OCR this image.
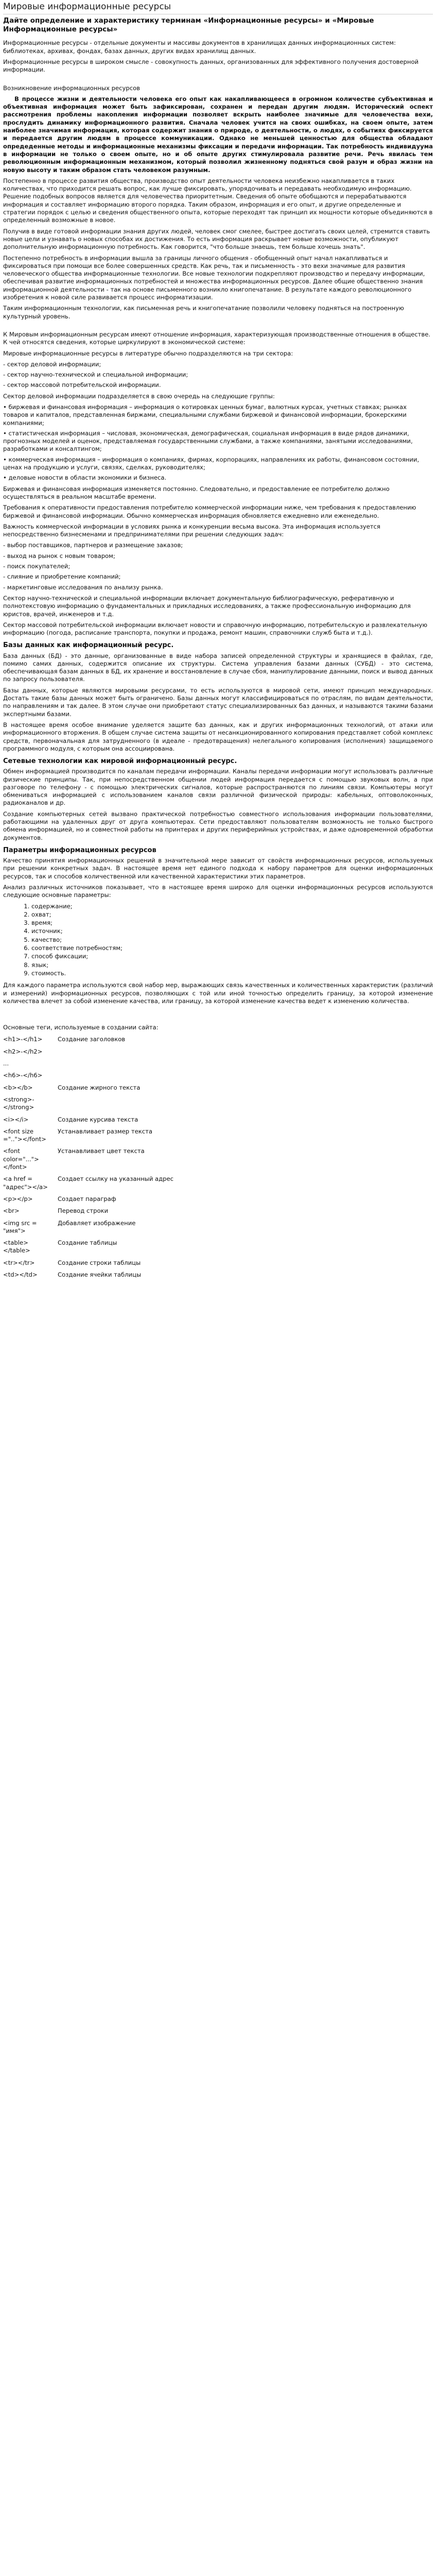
Мировые информационные ресурсы
Дайте определение и характеристику терминам «Информационные ресурсы» и «Мировые Информационные ресурсы»

Информационные ресурсы - отдельные документы и массивы документов в хранилищах данных информационных систем: библиотеках, архивах, фондах, базах данных, других видах хранилищ данных.

Информационные ресурсы в широком смысле - совокупность данных, организованных для эффективного получения достоверной информации.

Возникновение информационных ресурсов

В процессе жизни и деятельности человека его опыт как накапливающееся в огромном количестве субъективная и объективная информация может быть зафиксирован, сохранен и передан другим людям. Исторический оспект рассмотрения проблемы накопления информации позволяет вскрыть наиболее значимые для человечества вехи, прослудить динамику информационного развития. Сначала человек учится на своих ошибках, на своем опыте, затем наиболее значимая информация, которая содержит знания о природе, о деятельности, о людях, о событиях фиксируется и передается другим людям в процессе коммуникации. Однако не меньшей ценностью для общества обладают опредеденные методы и информационные механизмы фиксации и передачи информации. Так потребность индивидуума в информации не только о своем опыте, но и об опыте других стимулировала развитие речи. Речь явилась тем революционным информационным механизмом, который позволил жизненному подняться свой разум и образ жизни на новую высоту и таким образом стать человеком разумным.

Постепенно в процессе развития общества, производство опыт деятельности человека неизбежно накапливается в таких количествах, что приходится решать вопрос, как лучше фиксировать, упорядочивать и передавать необходимую информацию. Решение подобных вопросов является для человечества приоритетным. Сведения об опыте обобщаются и перерабатываются информация и составляет информацию второго порядка. Таким образом, информация и его опыт, и другие определенные и стратегии порядок с целью и сведения общественного опыта, которые переходят так принцип их мощности которые объединяются в определенный возможные в новое.

Получив в виде готовой информации знания других людей, человек смог смелее, быстрее достигать своих целей, стремится ставить новые цели и узнавать о новых способах их достижения. То есть информация раскрывает новые возможности, опубликуют дополнительную информационную потребность. Как говорится, "что больше знаешь, тем больше хочешь знать".

Постепенно потребность в информации вышла за границы личного общения - обобщенный опыт начал накапливаться и фиксироваться при помощи все более совершенных средств. Как речь, так и письменность - это вехи значимые для развития человеческого общества информационные технологии. Все новые технологии подкрепляют производство и передачу информации, обеспечивая развитие информационных потребностей и множества информационных ресурсов. Далее общие общественно знания информационной деятельности - так на основе письменного возникло книгопечатание. В результате каждого революционного изобретения к новой силе развивается процесс информатизации.

Таким информационным технологии, как письменная речь и книгопечатание позволили человеку подняться на построенную культурный уровень.

К Мировым информационным ресурсам имеют отношение информация, характеризующая производственные отношения в обществе. К чей относятся сведения, которые циркулируют в экономической системе:

Мировые информационные ресурсы в литературе обычно подразделяются на три сектора:

- сектор деловой информации;
- сектор научно-технической и специальной информации;
- сектор массовой потребительской информации.

Сектор деловой информации подразделяется в свою очередь на следующие группы:

• биржевая и финансовая информация – информация о котировках ценных бумаг, валютных курсах, учетных ставках; рынках товаров и капиталов, представленная биржами, специальными службами биржевой и финансовой информации, брокерскими компаниями;
• статистическая информация – числовая, экономическая, демографическая, социальная информация в виде рядов динамики, прогнозных моделей и оценок, представляемая государственными службами, а также компаниями, занятыми исследованиями, разработками и консалтингом;
• коммерческая информация – информация о компаниях, фирмах, корпорациях, направлениях их работы, финансовом состоянии, ценах на продукцию и услуги, связях, сделках, руководителях;
• деловые новости в области экономики и бизнеса.

Биржевая и финансовая информация изменяется постоянно. Следовательно, и предоставление ее потребителю должно осуществляться в реальном масштабе времени.

Требования к оперативности предоставления потребителю коммерческой информации ниже, чем требования к предоставлению биржевой и финансовой информации. Обычно коммерческая информация обновляется ежедневно или еженедельно.

Важность коммерческой информации в условиях рынка и конкуренции весьма высока. Эта информация используется непосредственно бизнесменами и предпринимателями при решении следующих задач:

- выбор поставщиков, партнеров и размещение заказов;
- выход на рынок с новым товаром;
- поиск покупателей;
- слияние и приобретение компаний;
- маркетинговые исследования по анализу рынка.

Сектор научно-технической и специальной информации включает документальную библиографическую, реферативную и полнотекстовую информацию о фундаментальных и прикладных исследованиях, а также профессиональную информацию для юристов, врачей, инженеров и т.д.

Сектор массовой потребительской информации включает новости и справочную информацию, потребительскую и развлекательную информацию (погода, расписание транспорта, покупки и продажа, ремонт машин, справочники служб быта и т.д.).

Базы данных как информационный ресурс.

База данных (БД) - это данные, организованные в виде набора записей определенной структуры и хранящиеся в файлах, где, помимо самих данных, содержится описание их структуры. Система управления базами данных (СУБД) - это система, обеспечивающая базам данных в БД, их хранение и восстановление в случае сбоя, манипулирование данными, поиск и вывод данных по запросу пользователя.

Базы данных, которые являются мировыми ресурсами, то есть используются в мировой сети, имеют принцип международных. Достать такие базы данных может быть ограничено. Базы данных могут классифицироваться по отраслям, по видам деятельности, по направлениям и так далее. В этом случае они приобретают статус специализированных баз данных, и называются такими базами экспертными базами.

В настоящее время особое внимание уделяется защите баз данных, как и других информационных технологий, от атаки или информационного вторжения. В общем случае система защиты от несанкционированного копирования представляет собой комплекс средств, первоначальная для затрудненного (в идеале - предотвращения) нелегального копирования (исполнения) защищаемого программного модуля, с которым она ассоциирована.

Сетевые технологии как мировой информационный ресурс.

Обмен информацией производится по каналам передачи информации. Каналы передачи информации могут использовать различные физические принципы. Так, при непосредственном общении людей информация передается с помощью звуковых волн, а при разговоре по телефону - с помощью электрических сигналов, которые распространяются по линиям связи. Компьютеры могут обмениваться информацией с использованием каналов связи различной физической природы: кабельных, оптоволоконных, радиоканалов и др.

Создание компьютерных сетей вызвано практической потребностью совместного использования информации пользователями, работающими на удаленных друг от друга компьютерах. Сети предоставляют пользователям возможность не только быстрого обмена информацией, но и совместной работы на принтерах и других периферийных устройствах, и даже одновременной обработки документов.

Параметры информационных ресурсов

Качество принятия информационных решений в значительной мере зависит от свойств информационных ресурсов, используемых при решении конкретных задач. В настоящее время нет единого подхода к набору параметров для оценки информационных ресурсов, так и способов количественной или качественной характеристики этих параметров.

Анализ различных источников показывает, что в настоящее время широко для оценки информационных ресурсов используются следующие основные параметры:

1. содержание;
2. охват;
3. время;
4. источник;
5. качество;
6. соответствие потребностям;
7. способ фиксации;
8. язык;
9. стоимость.

Для каждого параметра используются свой набор мер, выражающих связь качественных и количественных характеристик (различий и измерений) информационных ресурсов, позволяющих с той или иной точностью определить границу, за которой изменение количества влечет за собой изменение качества, или границу, за которой изменение качества ведет к изменению количества.

Основные теги, используемые в создании сайта:

<h1>-</h1>	Создание заголовков
<h2>-</h2>	
...	
<h6>-</h6>	
<b></b>	Создание жирного текста
<strong>-</strong>	
<i></i>	Создание курсива текста
<font size =".."></font>	Устанавливает размер текста
<font color="..."></font>	Устанавливает цвет текста
<a href = "адрес"></a>	Создает ссылку на указанный адрес
<p></p>	Создает параграф
<br>	Перевод строки
<img src = "имя">	Добавляет изображение
<table></table>	Создание таблицы
<tr></tr>	Создание строки таблицы
<td></td>	Создание ячейки таблицы
